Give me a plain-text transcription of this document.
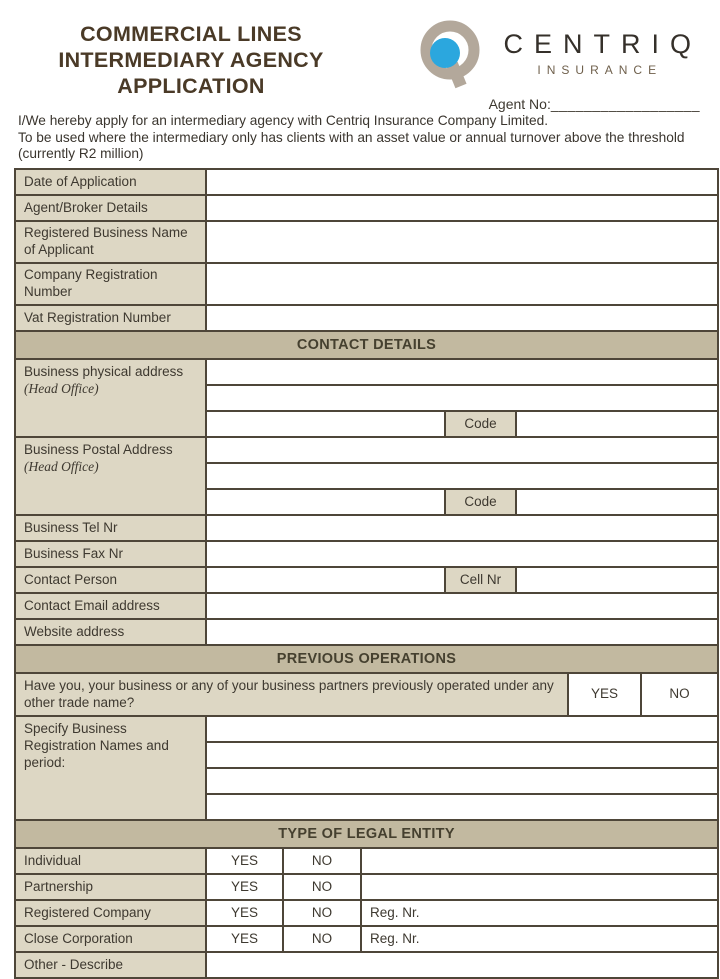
COMMERCIAL LINES
INTERMEDIARY AGENCY
APPLICATION
CENTRIQ
INSURANCE
Agent No:__________________
I/We hereby apply for an intermediary agency with Centriq Insurance Company Limited.
To be used where the intermediary only has clients with an asset value or annual turnover above the threshold (currently R2 million)
Date of Application							
Agent/Broker Details							
Registered Business Name of Applicant							
Company Registration Number							
Vat Registration Number							
CONTACT DETAILS							
Business physical address
(Head Office)							

				Code			
Business Postal Address
(Head Office)							

				Code			
Business Tel Nr							
Business Fax Nr							
Contact Person				Cell Nr			
Contact Email address							
Website address							
PREVIOUS OPERATIONS							
Have you, your business or any of your business partners previously operated under any other trade name?						YES	NO
Specify Business Registration Names and period:							

TYPE OF LEGAL ENTITY							
Individual	YES	NO					
Partnership	YES	NO					
Registered Company	YES	NO	Reg. Nr.				
Close Corporation	YES	NO	Reg. Nr.				
Other - Describe							
